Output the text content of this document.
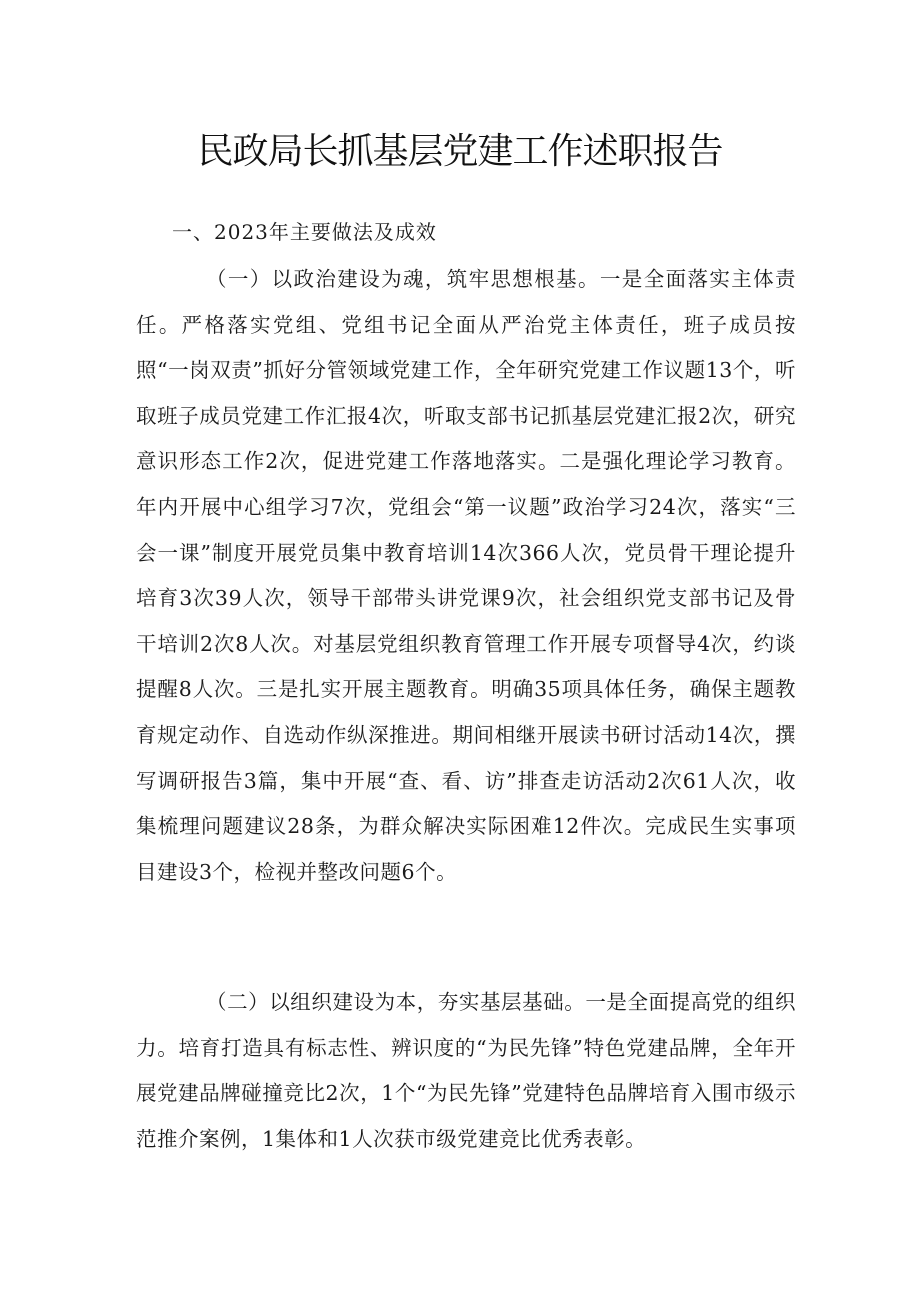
民政局长抓基层党建工作述职报告
一、2023年主要做法及成效

（一）以政治建设为魂，筑牢思想根基。一是全面落实主体责任。严格落实党组、党组书记全面从严治党主体责任，班子成员按照“一岗双责”抓好分管领域党建工作，全年研究党建工作议题13个，听取班子成员党建工作汇报4次，听取支部书记抓基层党建汇报2次，研究意识形态工作2次，促进党建工作落地落实。二是强化理论学习教育。年内开展中心组学习7次，党组会“第一议题”政治学习24次，落实“三会一课”制度开展党员集中教育培训14次366人次，党员骨干理论提升培育3次39人次，领导干部带头讲党课9次，社会组织党支部书记及骨干培训2次8人次。对基层党组织教育管理工作开展专项督导4次，约谈提醒8人次。三是扎实开展主题教育。明确35项具体任务，确保主题教育规定动作、自选动作纵深推进。期间相继开展读书研讨活动14次，撰写调研报告3篇，集中开展“查、看、访”排查走访活动2次61人次，收集梳理问题建议28条，为群众解决实际困难12件次。完成民生实事项目建设3个，检视并整改问题6个。

（二）以组织建设为本，夯实基层基础。一是全面提高党的组织力。培育打造具有标志性、辨识度的“为民先锋”特色党建品牌，全年开展党建品牌碰撞竞比2次，1个“为民先锋”党建特色品牌培育入围市级示范推介案例，1集体和1人次获市级党建竞比优秀表彰。
